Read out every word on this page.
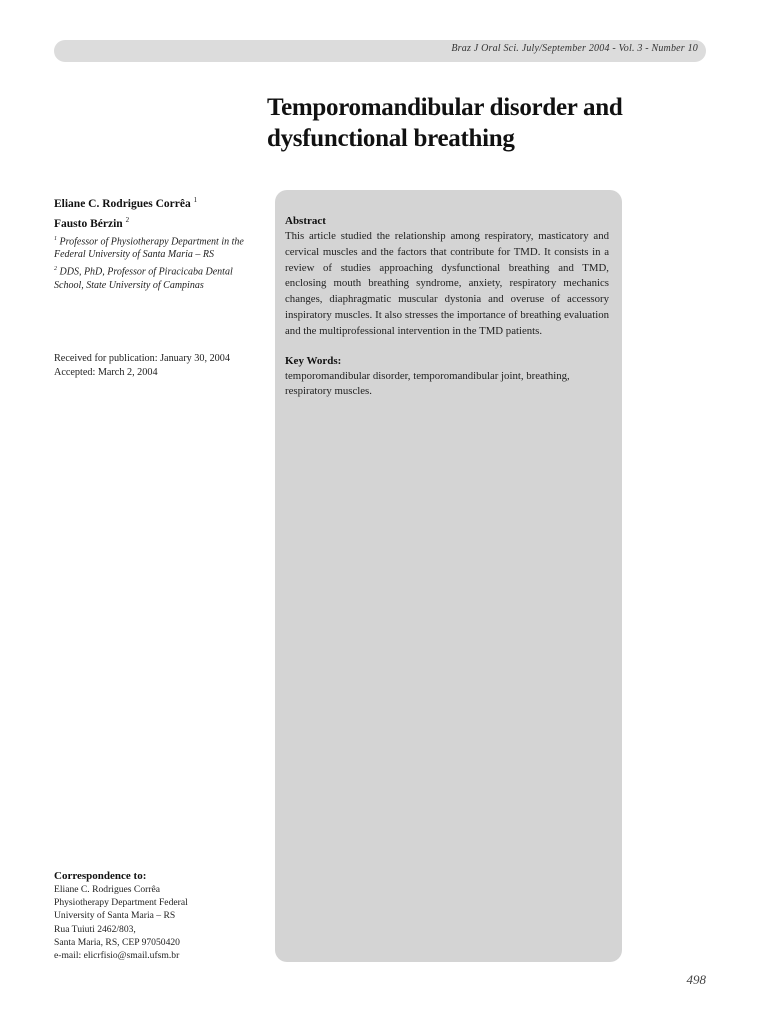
Braz J Oral Sci. July/September 2004 - Vol. 3 - Number 10
Temporomandibular disorder and
dysfunctional breathing
Eliane C. Rodrigues Corrêa $^1$
Fausto Bérzin $^2$
$^1$ Professor of Physiotherapy Department in the Federal University of Santa Maria – RS
$^2$ DDS, PhD, Professor of Piracicaba Dental School, State University of Campinas
Received for publication: January 30, 2004
Accepted: March 2, 2004
Abstract
This article studied the relationship among respiratory, masticatory and cervical muscles and the factors that contribute for TMD. It consists in a review of studies approaching dysfunctional breathing and TMD, enclosing mouth breathing syndrome, anxiety, respiratory mechanics changes, diaphragmatic muscular dystonia and overuse of accessory inspiratory muscles. It also stresses the importance of breathing evaluation and the multiprofessional intervention in the TMD patients.
Key Words:
temporomandibular disorder, temporomandibular joint, breathing, respiratory muscles.
Correspondence to:
Eliane C. Rodrigues Corrêa
Physiotherapy Department Federal
University of Santa Maria – RS
Rua Tuiuti 2462/803,
Santa Maria, RS, CEP 97050420
e-mail: elicrfisio@smail.ufsm.br
498
